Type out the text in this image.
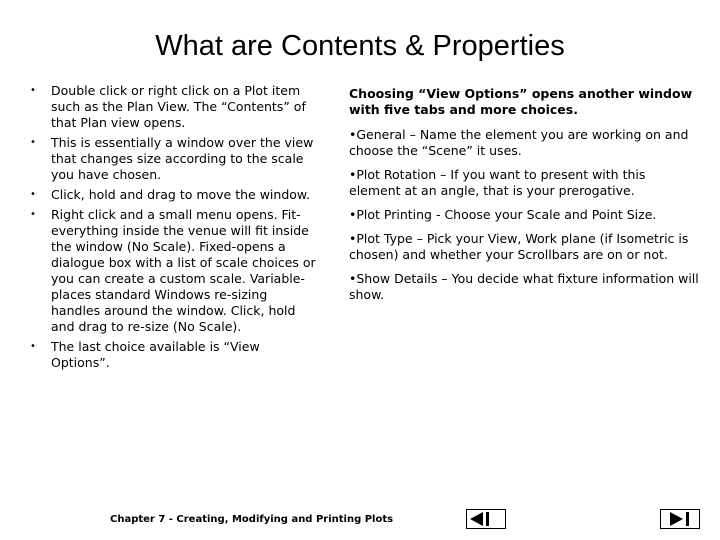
What are Contents & Properties
• Double click or right click on a Plot item such as the Plan View. The “Contents” of that Plan view opens.
• This is essentially a window over the view that changes size according to the scale you have chosen.
• Click, hold and drag to move the window.
• Right click and a small menu opens. Fit-everything inside the venue will fit inside the window (No Scale). Fixed-opens a dialogue box with a list of scale choices or you can create a custom scale. Variable-places standard Windows re-sizing handles around the window. Click, hold and drag to re-size (No Scale).
• The last choice available is “View Options”.
Choosing “View Options” opens another window with five tabs and more choices.
•General – Name the element you are working on and choose the “Scene” it uses.
•Plot Rotation – If you want to present with this element at an angle, that is your prerogative.
•Plot Printing - Choose your Scale and Point Size.
•Plot Type – Pick your View, Work plane (if Isometric is chosen) and whether your Scrollbars are on or not.
•Show Details – You decide what fixture information will show.
Chapter 7 - Creating, Modifying and Printing Plots
